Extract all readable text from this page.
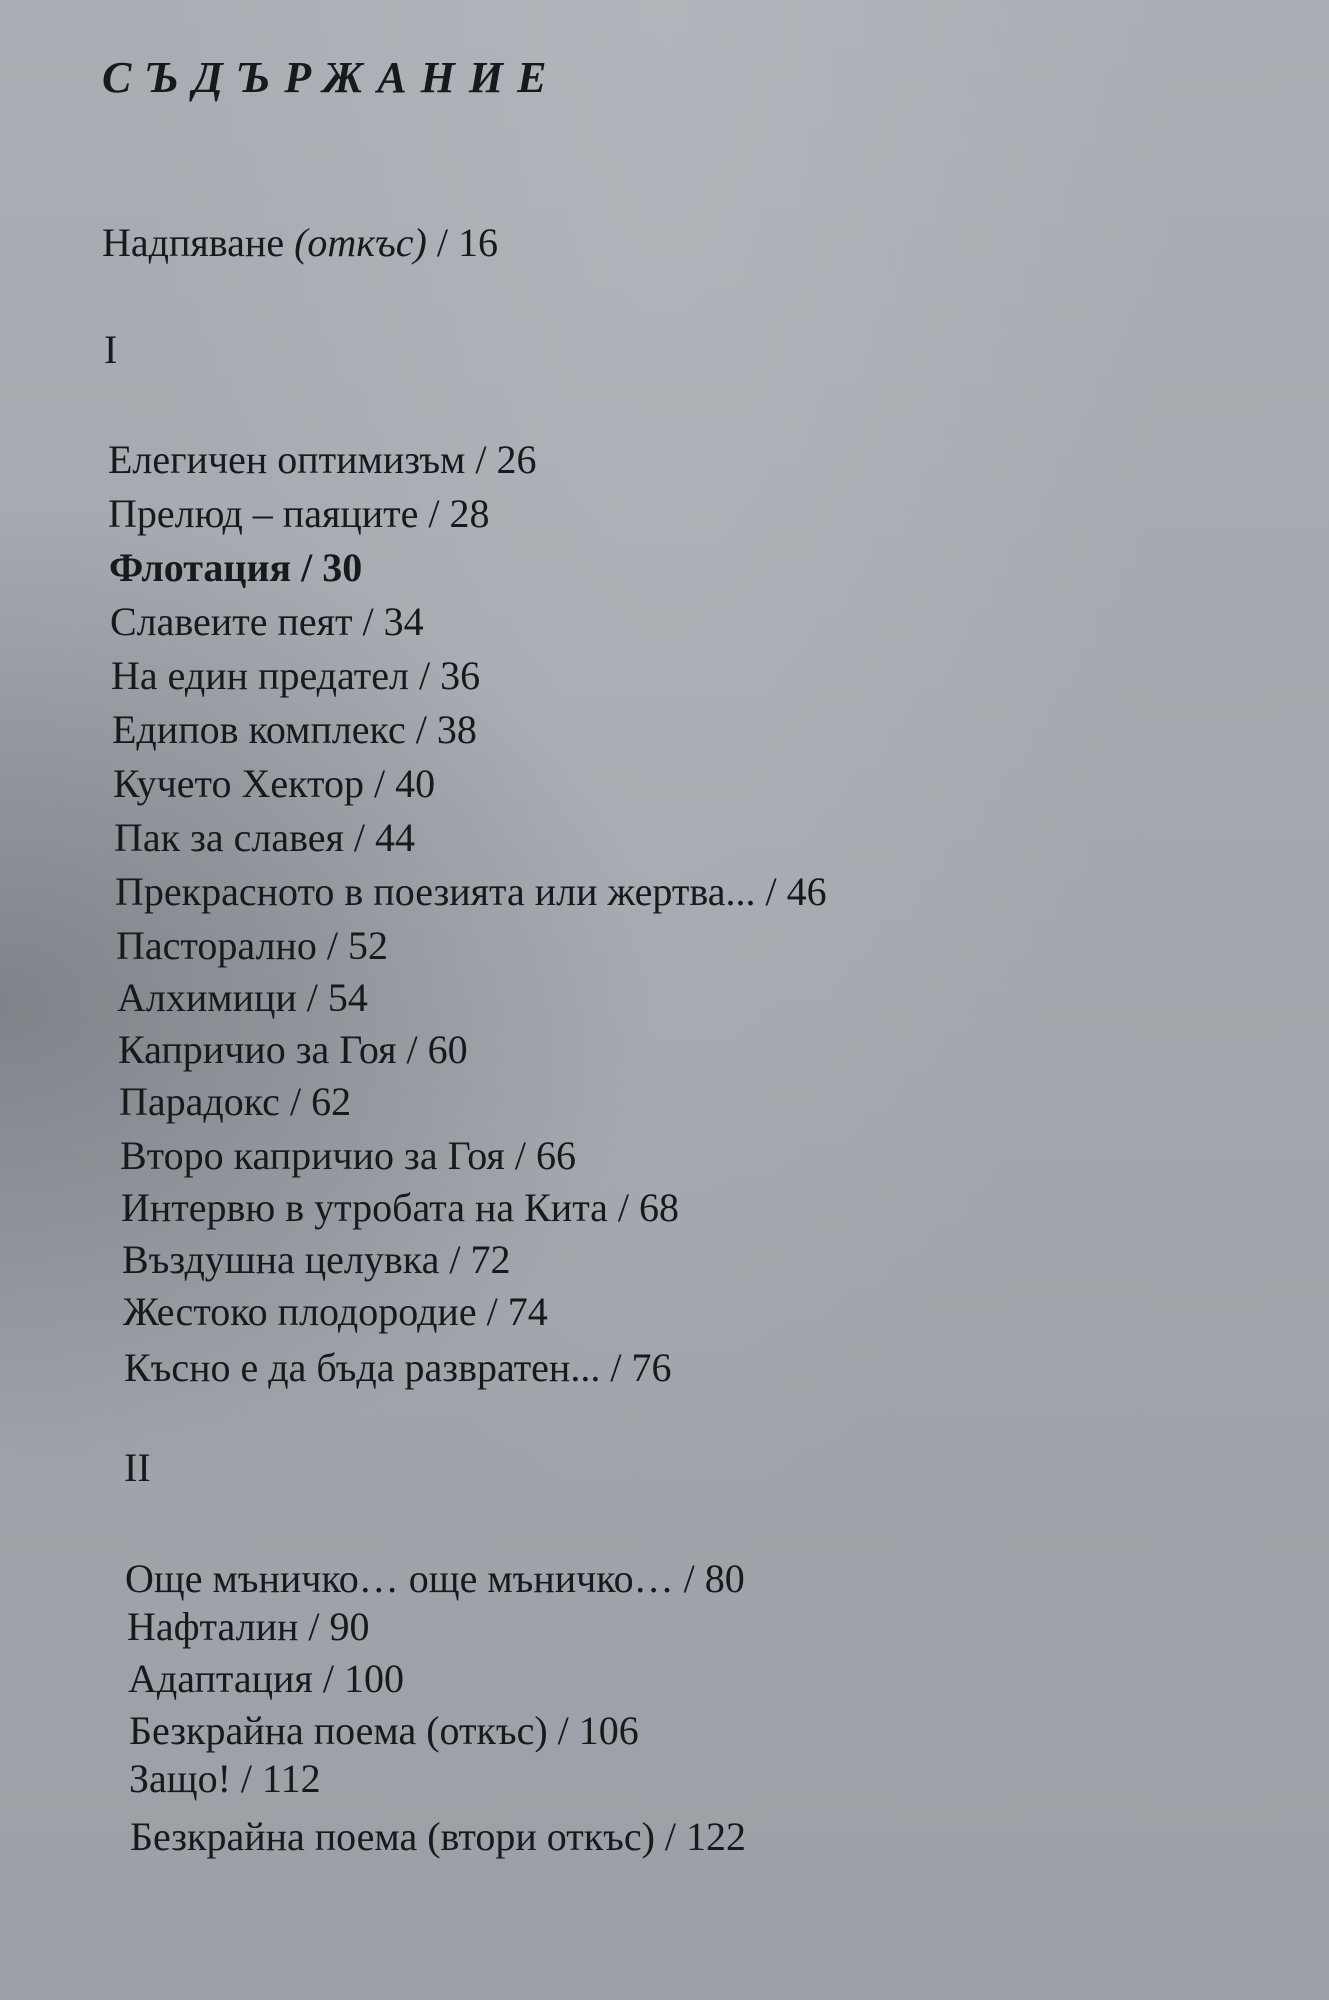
СЪДЪРЖАНИЕ

Надпяване (откъс) / 16

I

Елегичен оптимизъм / 26

Прелюд – паяците / 28

Флотация / 30

Славеите пеят / 34

На един предател / 36

Едипов комплекс / 38

Кучето Хектор / 40

Пак за славея / 44

Прекрасното в поезията или жертва... / 46

Пасторално / 52

Алхимици / 54

Капричио за Гоя / 60

Парадокс / 62

Второ капричио за Гоя / 66

Интервю в утробата на Кита / 68

Въздушна целувка / 72

Жестоко плодородие / 74

Късно е да бъда развратен... / 76

II

Още мъничко… още мъничко… / 80

Нафталин / 90

Адаптация / 100

Безкрайна поема (откъс) / 106

Защо! / 112

Безкрайна поема (втори откъс) / 122
